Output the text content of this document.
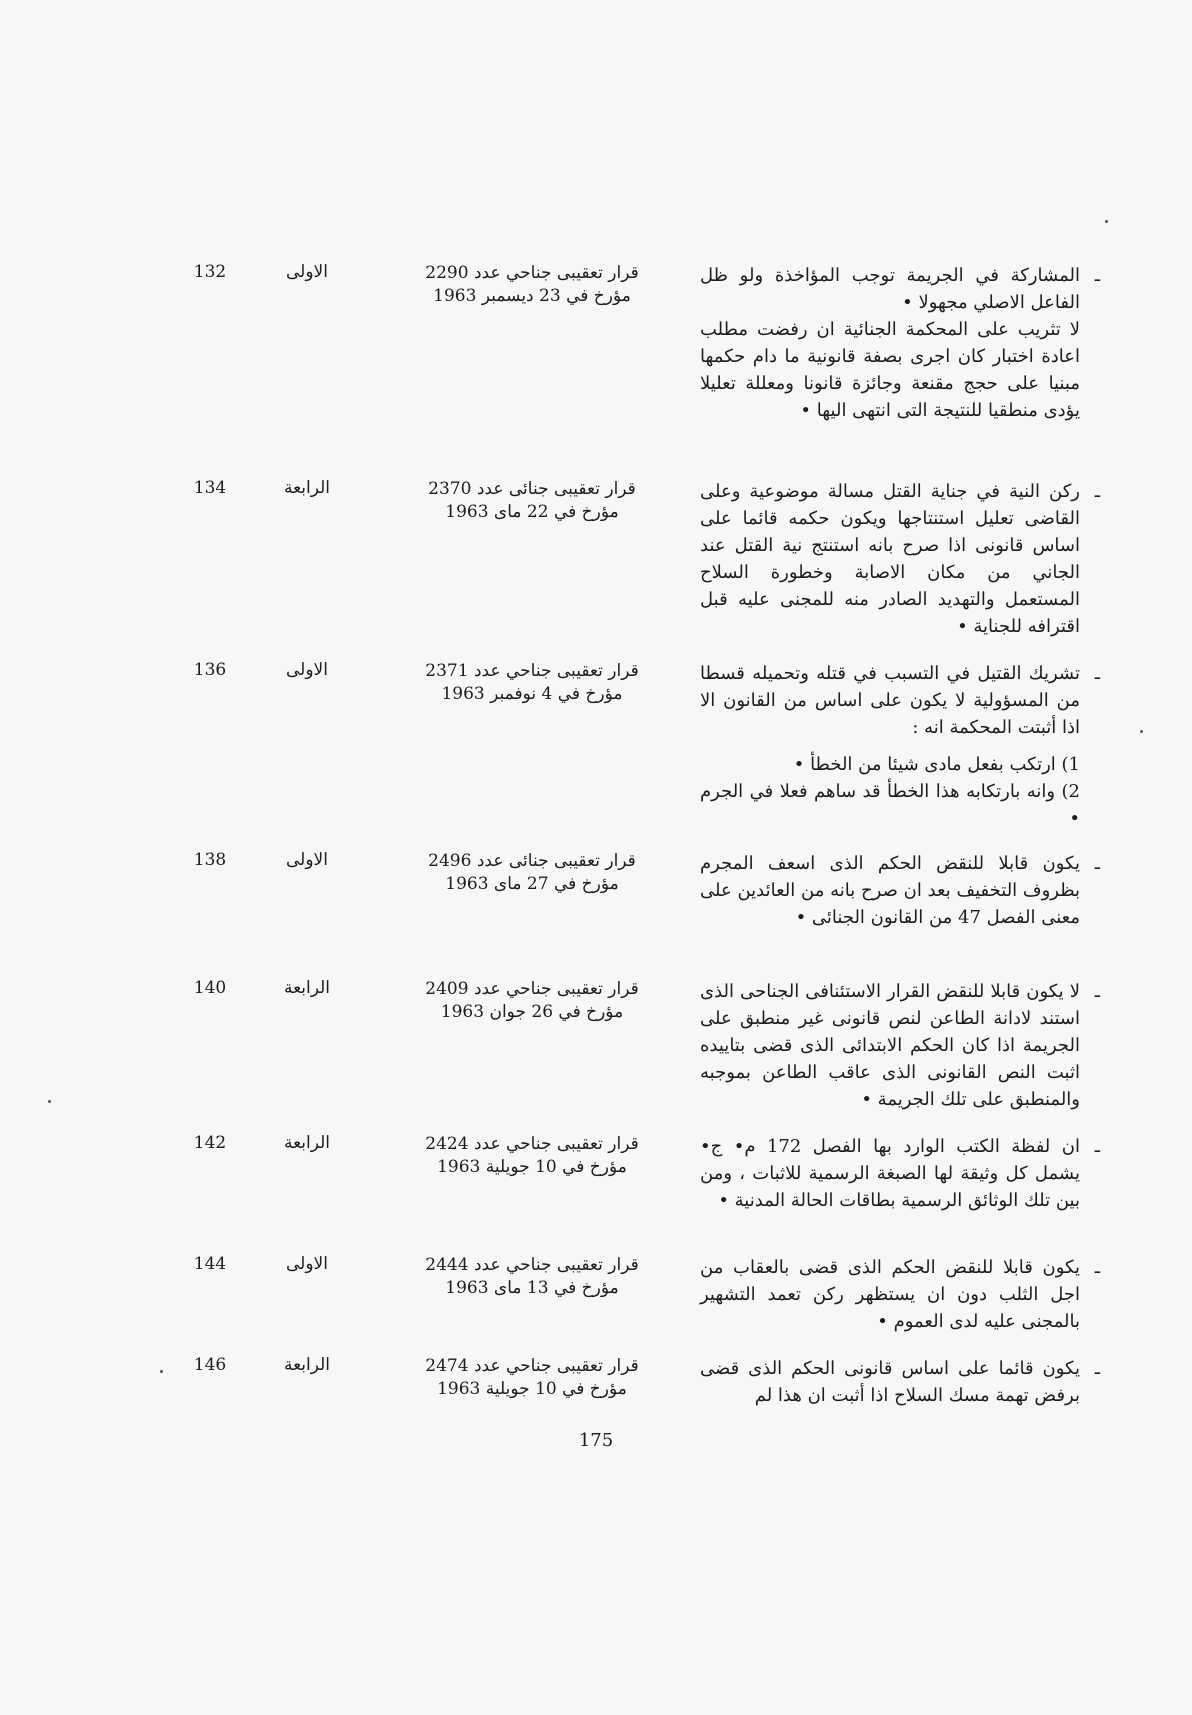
ـ

المشاركة في الجريمة توجب المؤاخذة ولو ظل الفاعل الاصلي مجهولا •
لا تثريب على المحكمة الجنائية ان رفضت مطلب اعادة اختبار كان اجرى بصفة قانونية ما دام حكمها مبنيا على حجج مقنعة وجائزة قانونا ومعللة تعليلا يؤدى منطقيا للنتيجة التى انتهى اليها •

قرار تعقيبى جناحي عدد 2290
مؤرخ في 23 ديسمبر 1963
الاولى
132
ـ

ركن النية في جناية القتل مسالة موضوعية وعلى القاضى تعليل استنتاجها ويكون حكمه قائما على اساس قانونى اذا صرح بانه استنتج نية القتل عند الجاني من مكان الاصابة وخطورة السلاح المستعمل والتهديد الصادر منه للمجنى عليه قبل اقترافه للجناية •

قرار تعقيبى جنائى عدد 2370
مؤرخ في 22 ماى 1963
الرابعة
134
ـ

تشريك القتيل في التسبب في قتله وتحميله قسطا من المسؤولية لا يكون على اساس من القانون الا اذا أثبتت المحكمة انه :

1) ارتكب بفعل مادى شيئا من الخطأ •
2) وانه بارتكابه هذا الخطأ قد ساهم فعلا في الجرم •
قرار تعقيبى جناحي عدد 2371
مؤرخ في 4 نوفمبر 1963
الاولى
136
ـ

يكون قابلا للنقض الحكم الذى اسعف المجرم بظروف التخفيف بعد ان صرح بانه من العائدين على معنى الفصل 47 من القانون الجنائى •

قرار تعقيبى جنائى عدد 2496
مؤرخ في 27 ماى 1963
الاولى
138
ـ

لا يكون قابلا للنقض القرار الاستئنافى الجناحى الذى استند لادانة الطاعن لنص قانونى غير منطبق على الجريمة اذا كان الحكم الابتدائى الذى قضى بتاييده اثبت النص القانونى الذى عاقب الطاعن بموجبه والمنطبق على تلك الجريمة •

قرار تعقيبى جناحي عدد 2409
مؤرخ في 26 جوان 1963
الرابعة
140
ـ

ان لفظة الكتب الوارد بها الفصل 172 م• ج• يشمل كل وثيقة لها الصبغة الرسمية للاثبات ، ومن بين تلك الوثائق الرسمية بطاقات الحالة المدنية •

قرار تعقيبى جناحي عدد 2424
مؤرخ في 10 جويلية 1963
الرابعة
142
ـ

يكون قابلا للنقض الحكم الذى قضى بالعقاب من اجل الثلب دون ان يستظهر ركن تعمد التشهير بالمجنى عليه لدى العموم •

قرار تعقيبى جناحي عدد 2444
مؤرخ في 13 ماى 1963
الاولى
144
ـ

يكون قائما على اساس قانونى الحكم الذى قضى برفض تهمة مسك السلاح اذا أثبت ان هذا لم

قرار تعقيبى جناحي عدد 2474
مؤرخ في 10 جويلية 1963
الرابعة
146
175
